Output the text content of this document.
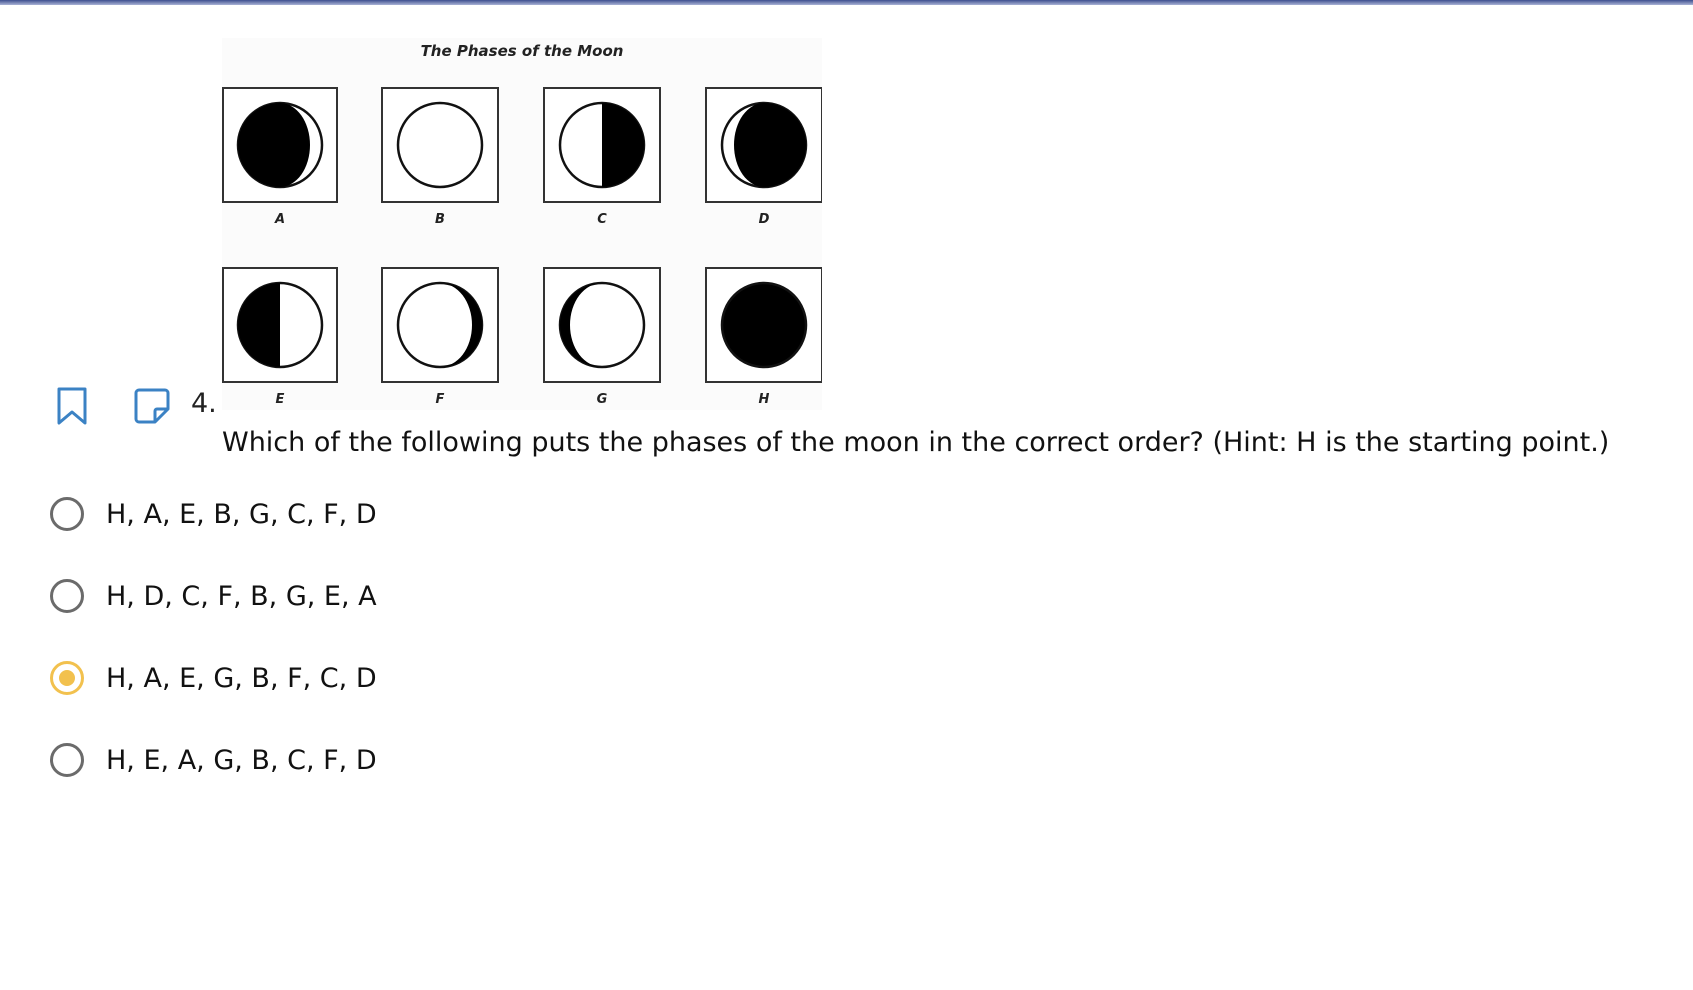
The Phases of the Moon
A	B	C	D
E	F	G	H
4.
Which of the following puts the phases of the moon in the correct order? (Hint: H is the starting point.)
H, A, E, B, G, C, F, D
H, D, C, F, B, G, E, A
H, A, E, G, B, F, C, D
H, E, A, G, B, C, F, D
